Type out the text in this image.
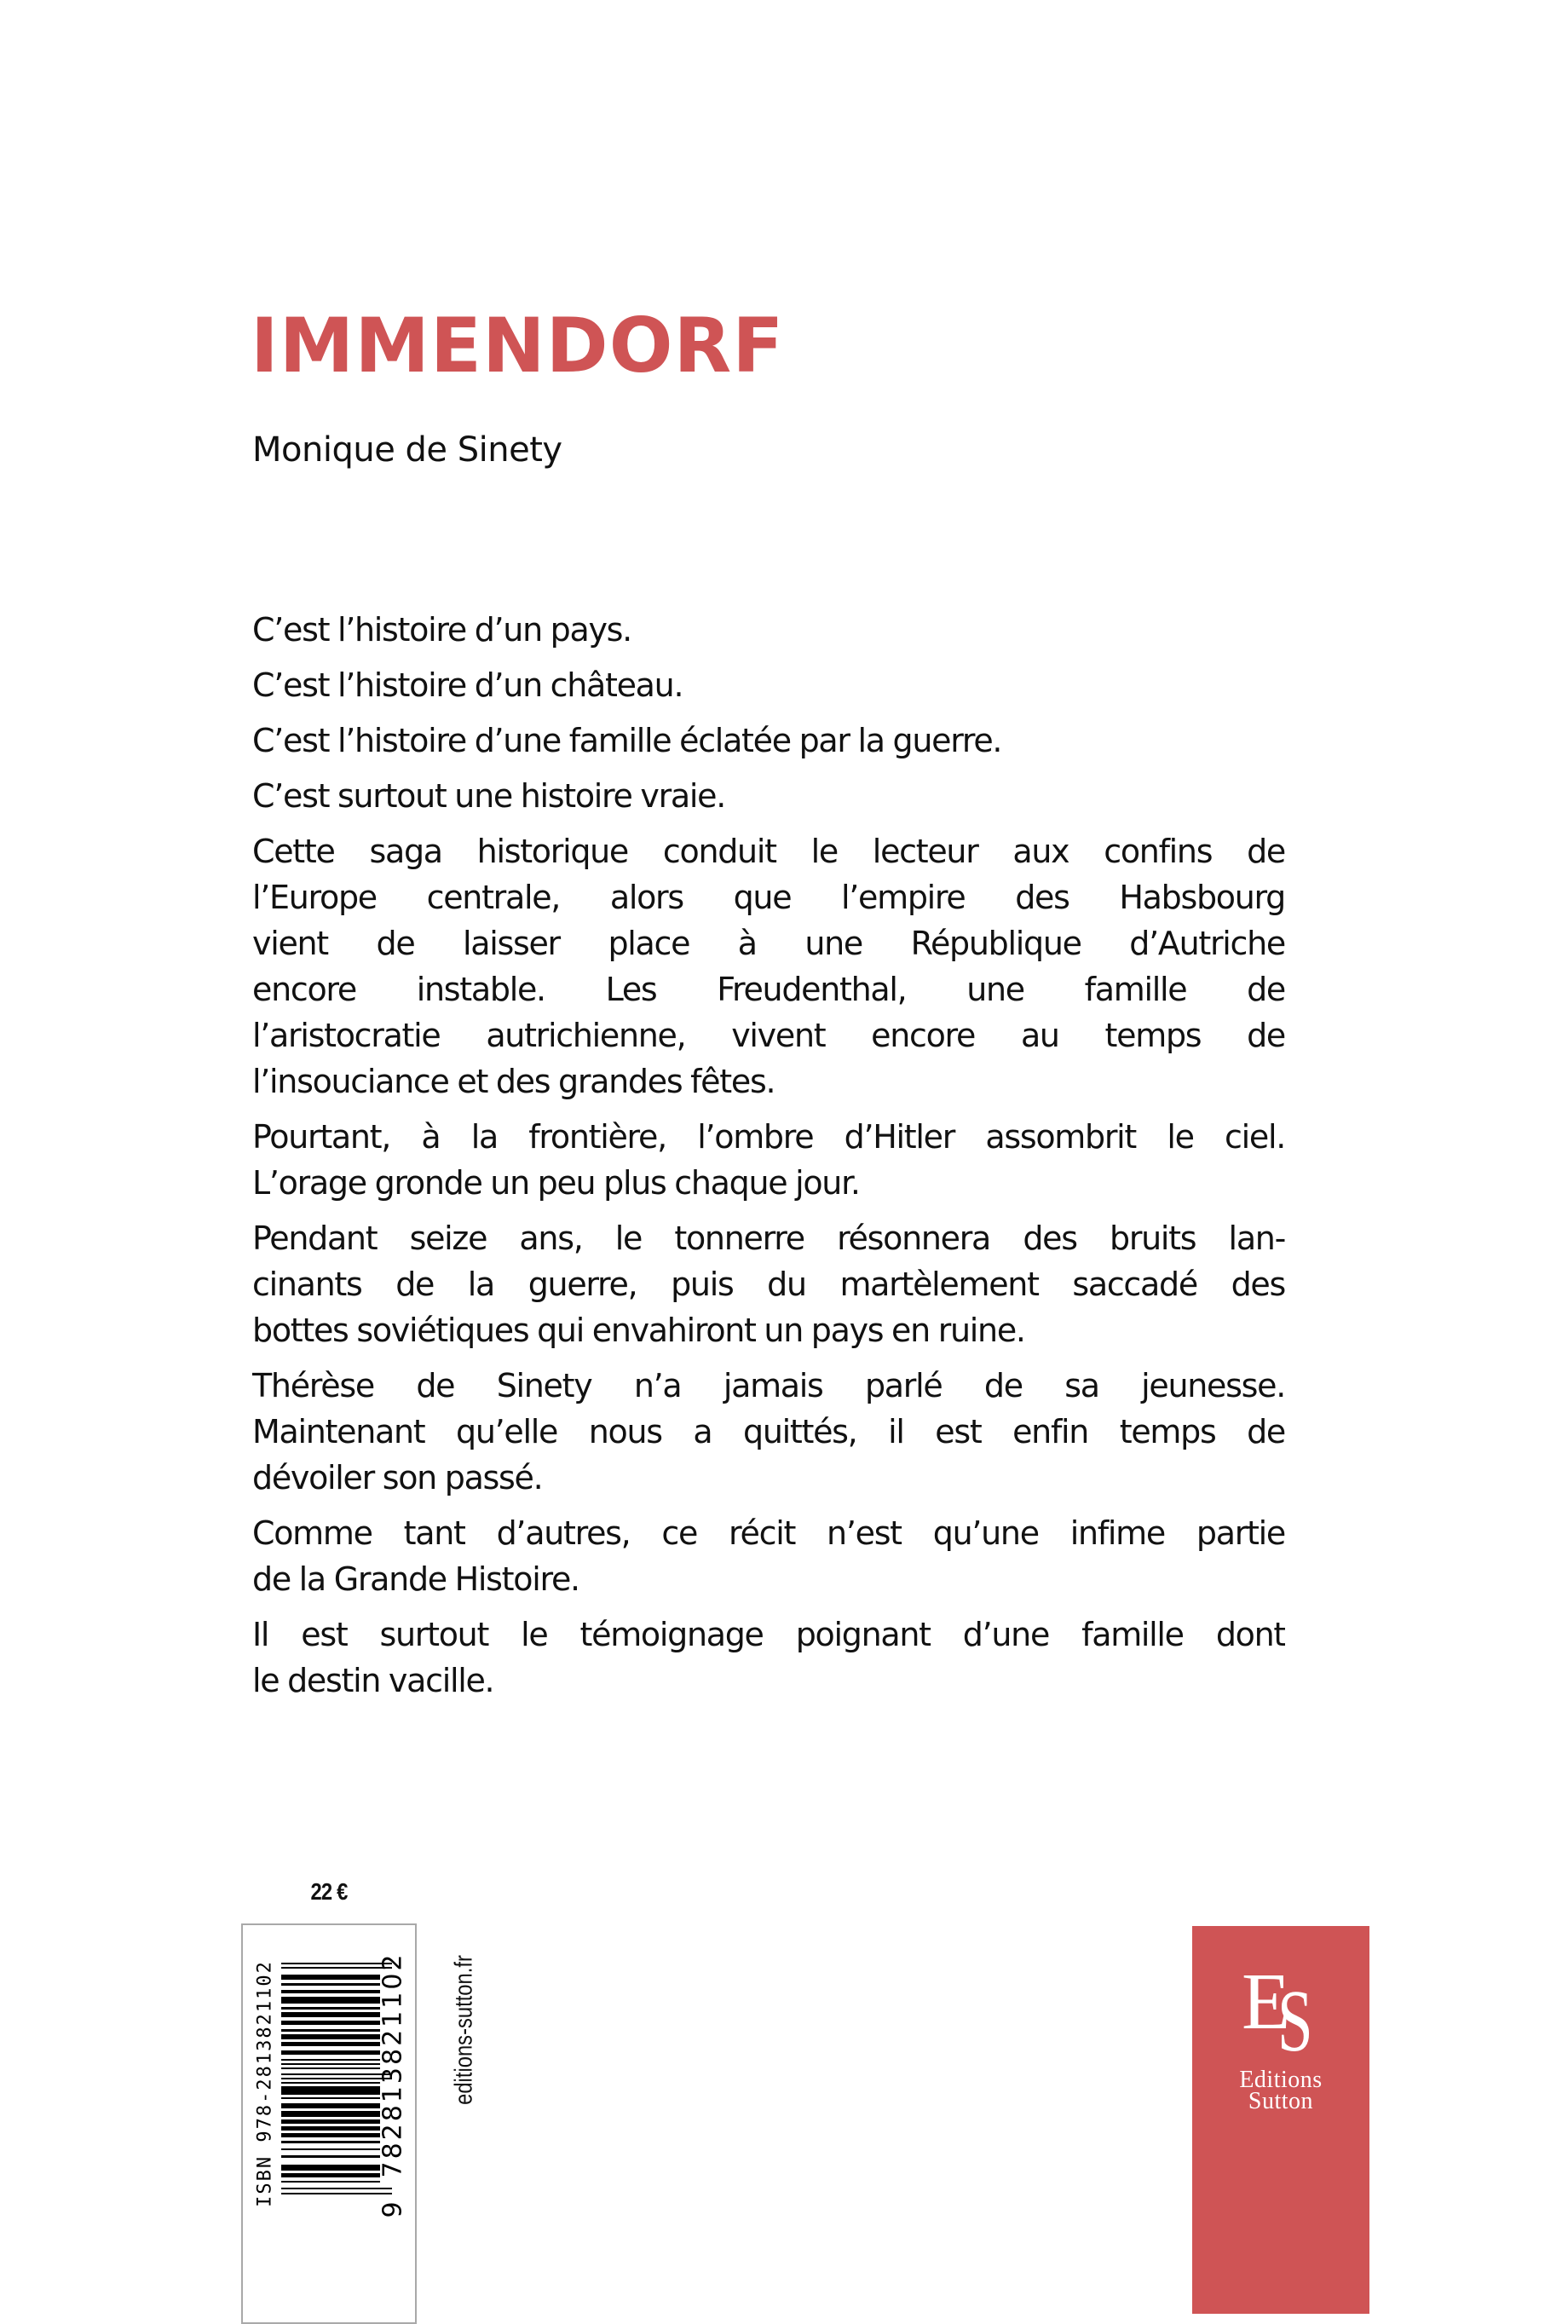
IMMENDORF
Monique de Sinety

C’est l’histoire d’un pays.

C’est l’histoire d’un château.

C’est l’histoire d’une famille éclatée par la guerre.

C’est surtout une histoire vraie.

Cette saga historique conduit le lecteur aux confins de
l’Europe centrale, alors que l’empire des Habsbourg
vient de laisser place à une République d’Autriche
encore instable. Les Freudenthal, une famille de
l’aristocratie autrichienne, vivent encore au temps de
l’insouciance et des grandes fêtes.

Pourtant, à la frontière, l’ombre d’Hitler assombrit le ciel.
L’orage gronde un peu plus chaque jour.

Pendant seize ans, le tonnerre résonnera des bruits lan-
cinants de la guerre, puis du martèlement saccadé des
bottes soviétiques qui envahiront un pays en ruine.

Thérèse de Sinety n’a jamais parlé de sa jeunesse.
Maintenant qu’elle nous a quittés, il est enfin temps de
dévoiler son passé.

Comme tant d’autres, ce récit n’est qu’une infime partie
de la Grande Histoire.

Il est surtout le témoignage poignant d’une famille dont
le destin vacille.

22 €
ISBN 978-2813821102	782813821102
9
editions-sutton.fr	E
S
Editions
Sutton
